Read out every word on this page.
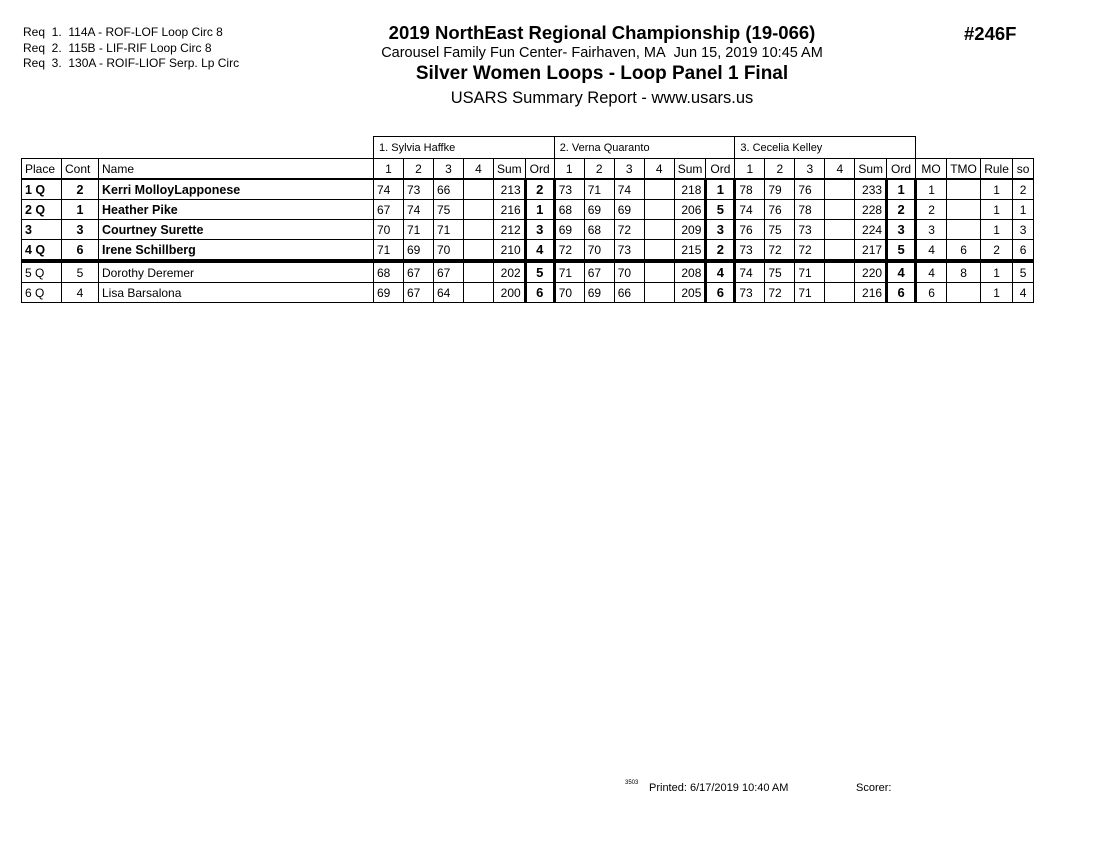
Req  1.  114A - ROF-LOF Loop Circ 8
Req  2.  115B - LIF-RIF Loop Circ 8
Req  3.  130A - ROIF-LIOF Serp. Lp Circ
2019 NorthEast Regional Championship (19-066)
Carousel Family Fun Center- Fairhaven, MA Jun 15, 2019 10:45 AM
Silver Women Loops - Loop Panel 1 Final
USARS Summary Report - www.usars.us
#246F
			1. Sylvia Haffke						2. Verna Quaranto						3. Cecelia Kelley									
Place	Cont	Name	1	2	3	4	Sum	Ord	1	2	3	4	Sum	Ord	1	2	3	4	Sum	Ord	MO	TMO	Rule	so
1 Q	2	Kerri MolloyLapponese	74	73	66		213	2	73	71	74		218	1	78	79	76		233	1	1		1	2
2 Q	1	Heather Pike	67	74	75		216	1	68	69	69		206	5	74	76	78		228	2	2		1	1
3	3	Courtney Surette	70	71	71		212	3	69	68	72		209	3	76	75	73		224	3	3		1	3
4 Q	6	Irene Schillberg	71	69	70		210	4	72	70	73		215	2	73	72	72		217	5	4	6	2	6
5 Q	5	Dorothy Deremer	68	67	67		202	5	71	67	70		208	4	74	75	71		220	4	4	8	1	5
6 Q	4	Lisa Barsalona	69	67	64		200	6	70	69	66		205	6	73	72	71		216	6	6		1	4
3503 Printed: 6/17/2019 10:40 AM	Scorer:
